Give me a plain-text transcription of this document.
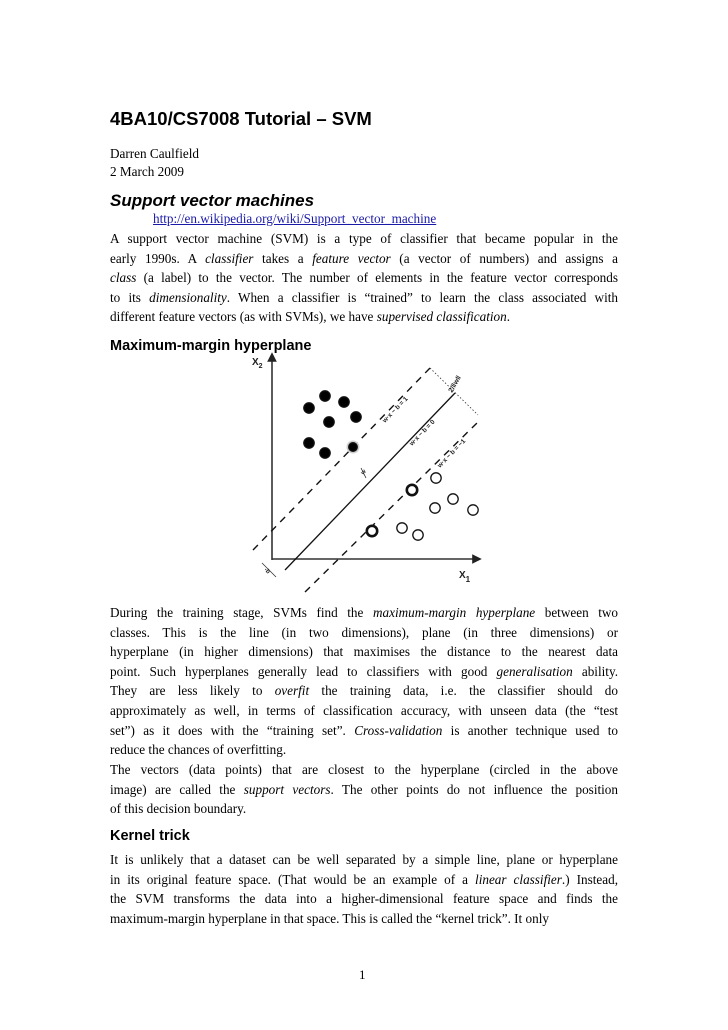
4BA10/CS7008 Tutorial – SVM
Darren Caulfield
2 March 2009
Support vector machines
http://en.wikipedia.org/wiki/Support_vector_machine
A support vector machine (SVM) is a type of classifier that became popular in the
early 1990s. A classifier takes a feature vector (a vector of numbers) and assigns a
class (a label) to the vector. The number of elements in the feature vector corresponds
to its dimensionality. When a classifier is “trained” to learn the class associated with
different feature vectors (as with SVMs), we have supervised classification.
Maximum-margin hyperplane
$X_2$
$X_1$
2/‖w‖
w·x − b = 1
w·x − b = 0
w·x − b = −1
w
-b
During the training stage, SVMs find the maximum-margin hyperplane between two
classes. This is the line (in two dimensions), plane (in three dimensions) or
hyperplane (in higher dimensions) that maximises the distance to the nearest data
point. Such hyperplanes generally lead to classifiers with good generalisation ability.
They are less likely to overfit the training data, i.e. the classifier should do
approximately as well, in terms of classification accuracy, with unseen data (the “test
set”) as it does with the “training set”. Cross-validation is another technique used to
reduce the chances of overfitting.
The vectors (data points) that are closest to the hyperplane (circled in the above
image) are called the support vectors. The other points do not influence the position
of this decision boundary.
Kernel trick
It is unlikely that a dataset can be well separated by a simple line, plane or hyperplane
in its original feature space. (That would be an example of a linear classifier.) Instead,
the SVM transforms the data into a higher-dimensional feature space and finds the
maximum-margin hyperplane in that space. This is called the “kernel trick”. It only
1
